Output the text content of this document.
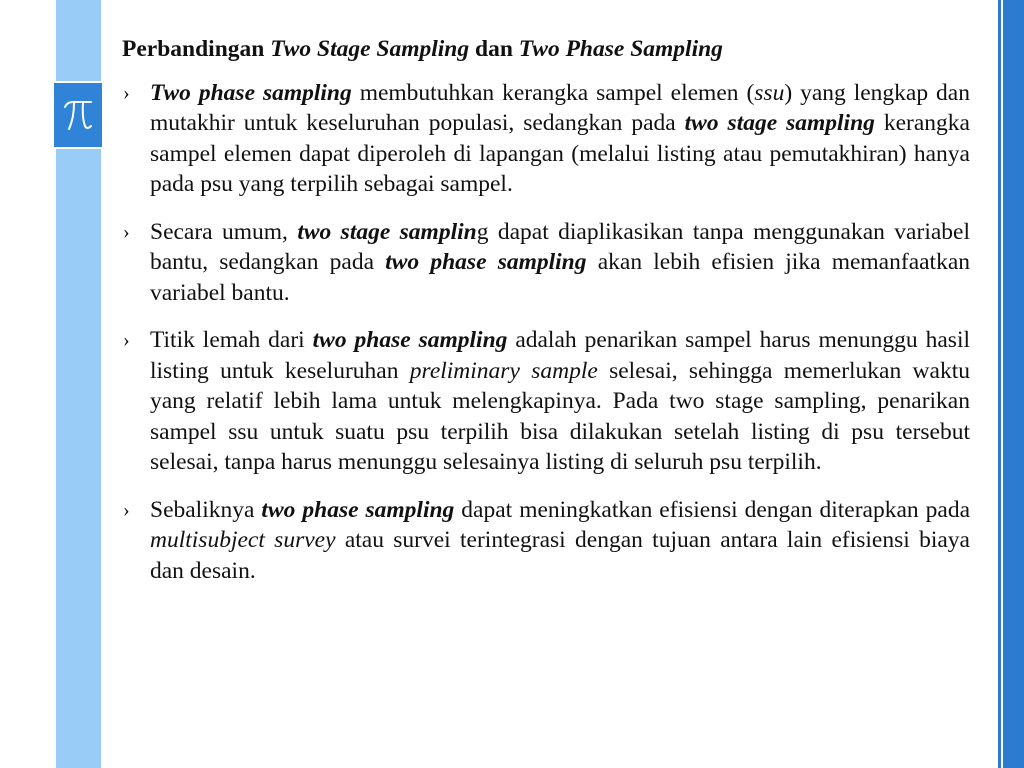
Perbandingan Two Stage Sampling dan Two Phase Sampling
› Two phase sampling membutuhkan kerangka sampel elemen (ssu) yang lengkap dan mutakhir untuk keseluruhan populasi, sedangkan pada two stage sampling kerangka sampel elemen dapat diperoleh di lapangan (melalui listing atau pemutakhiran) hanya pada psu yang terpilih sebagai sampel.
› Secara umum, two stage sampling dapat diaplikasikan tanpa menggunakan variabel bantu, sedangkan pada two phase sampling akan lebih efisien jika memanfaatkan variabel bantu.
› Titik lemah dari two phase sampling adalah penarikan sampel harus menunggu hasil listing untuk keseluruhan preliminary sample selesai, sehingga memerlukan waktu yang relatif lebih lama untuk melengkapinya. Pada two stage sampling, penarikan sampel ssu untuk suatu psu terpilih bisa dilakukan setelah listing di psu tersebut selesai, tanpa harus menunggu selesainya listing di seluruh psu terpilih.
› Sebaliknya two phase sampling dapat meningkatkan efisiensi dengan diterapkan pada multisubject survey atau survei terintegrasi dengan tujuan antara lain efisiensi biaya dan desain.
